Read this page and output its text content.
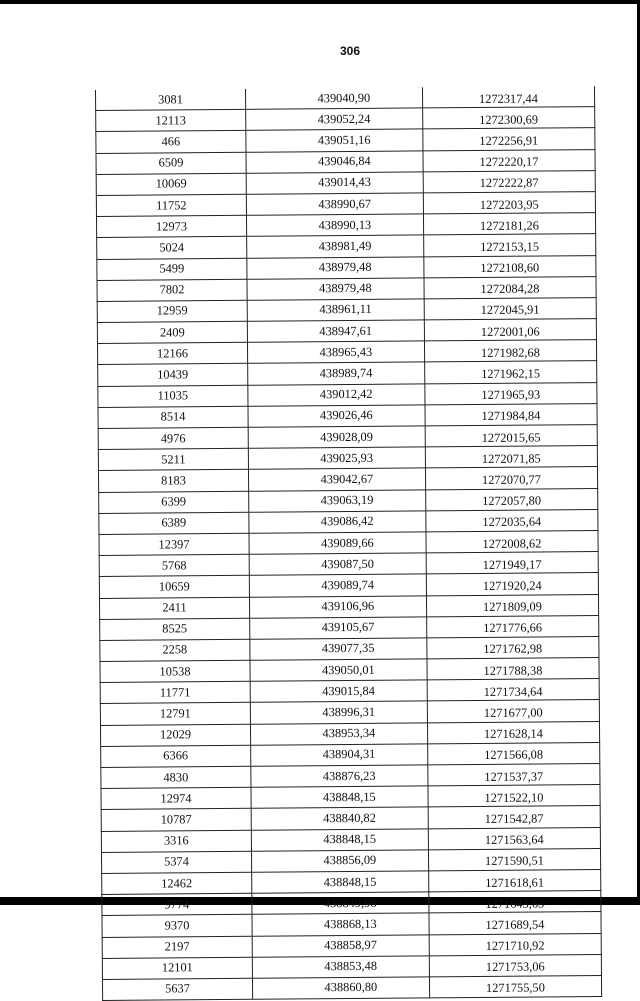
306
3081	439040,90	1272317,44
12113	439052,24	1272300,69
466	439051,16	1272256,91
6509	439046,84	1272220,17
10069	439014,43	1272222,87
11752	438990,67	1272203,95
12973	438990,13	1272181,26
5024	438981,49	1272153,15
5499	438979,48	1272108,60
7802	438979,48	1272084,28
12959	438961,11	1272045,91
2409	438947,61	1272001,06
12166	438965,43	1271982,68
10439	438989,74	1271962,15
11035	439012,42	1271965,93
8514	439026,46	1271984,84
4976	439028,09	1272015,65
5211	439025,93	1272071,85
8183	439042,67	1272070,77
6399	439063,19	1272057,80
6389	439086,42	1272035,64
12397	439089,66	1272008,62
5768	439087,50	1271949,17
10659	439089,74	1271920,24
2411	439106,96	1271809,09
8525	439105,67	1271776,66
2258	439077,35	1271762,98
10538	439050,01	1271788,38
11771	439015,84	1271734,64
12791	438996,31	1271677,00
12029	438953,34	1271628,14
6366	438904,31	1271566,08
4830	438876,23	1271537,37
12974	438848,15	1271522,10
10787	438840,82	1271542,87
3316	438848,15	1271563,64
5374	438856,09	1271590,51
12462	438848,15	1271618,61
9774	438849,98	1271643,65
9370	438868,13	1271689,54
2197	438858,97	1271710,92
12101	438853,48	1271753,06
5637	438860,80	1271755,50
